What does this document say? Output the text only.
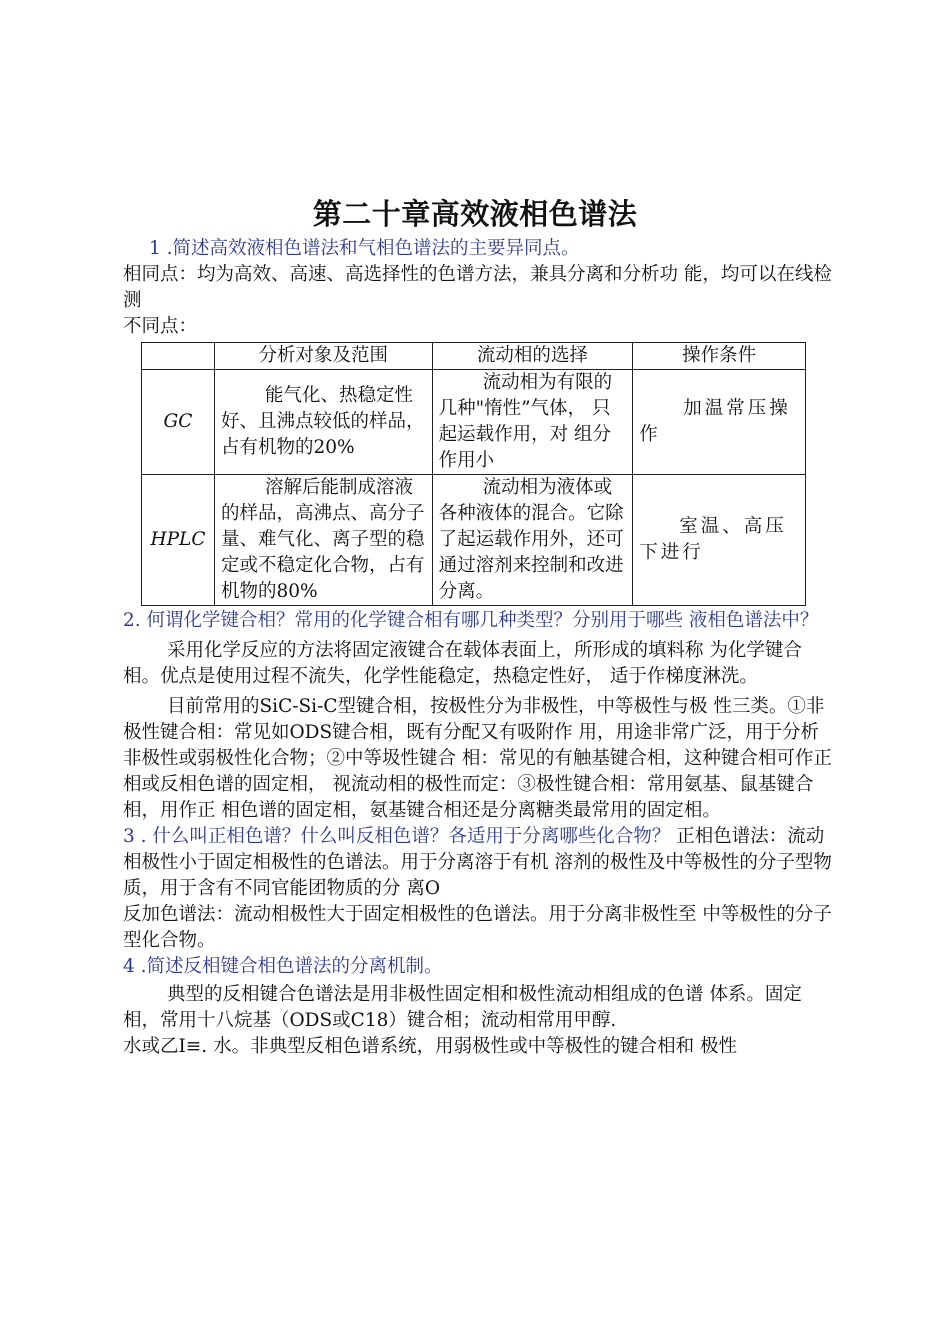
第二十章高效液相色谱法

1 .简述高效液相色谱法和气相色谱法的主要异同点。

相同点：均为高效、高速、高选择性的色谱方法，兼具分离和分析功 能，均可以在线检测

不同点：

	分析对象及范围	流动相的选择	操作条件
GC	能气化、热稳定性好、且沸点较低的样品，占有机物的20%	流动相为有限的几种"惰性”气体， 只起运载作用，对 组分作用小	加温常压操作
HPLC	溶解后能制成溶液的样品，高沸点、高分子量、难气化、离子型的稳定或不稳定化合物，占有机物的80%	流动相为液体或各种液体的混合。它除了起运载作用外，还可通过溶剂来控制和改进分离。	室温、高压下进行

2. 何谓化学键合相？常用的化学键合相有哪几种类型？分别用于哪些 液相色谱法中？

采用化学反应的方法将固定液键合在载体表面上，所形成的填料称 为化学键合相。优点是使用过程不流失，化学性能稳定，热稳定性好， 适于作梯度淋洗。

目前常用的SiC-Si-C型键合相，按极性分为非极性，中等极性与极 性三类。①非极性键合相：常见如ODS键合相，既有分配又有吸附作 用，用途非常广泛，用于分析非极性或弱极性化合物；②中等圾性键合 相：常见的有触基键合相，这种键合相可作正相或反相色谱的固定相， 视流动相的极性而定：③极性键合相：常用氨基、鼠基键合相，用作正 相色谱的固定相，氨基键合相还是分离糖类最常用的固定相。

3 . 什么叫正相色谱？什么叫反相色谱？各适用于分离哪些化合物？ 正相色谱法：流动相极性小于固定相极性的色谱法。用于分离溶于有机 溶剂的极性及中等极性的分子型物质，用于含有不同官能团物质的分 离O

反加色谱法：流动相极性大于固定相极性的色谱法。用于分离非极性至 中等极性的分子型化合物。

4 .简述反相键合相色谱法的分离机制。

典型的反相键合色谱法是用非极性固定相和极性流动相组成的色谱 体系。固定相，常用十八烷基（ODS或C18）键合相；流动相常用甲醇.

水或乙I≡. 水。非典型反相色谱系统，用弱极性或中等极性的键合相和 极性
